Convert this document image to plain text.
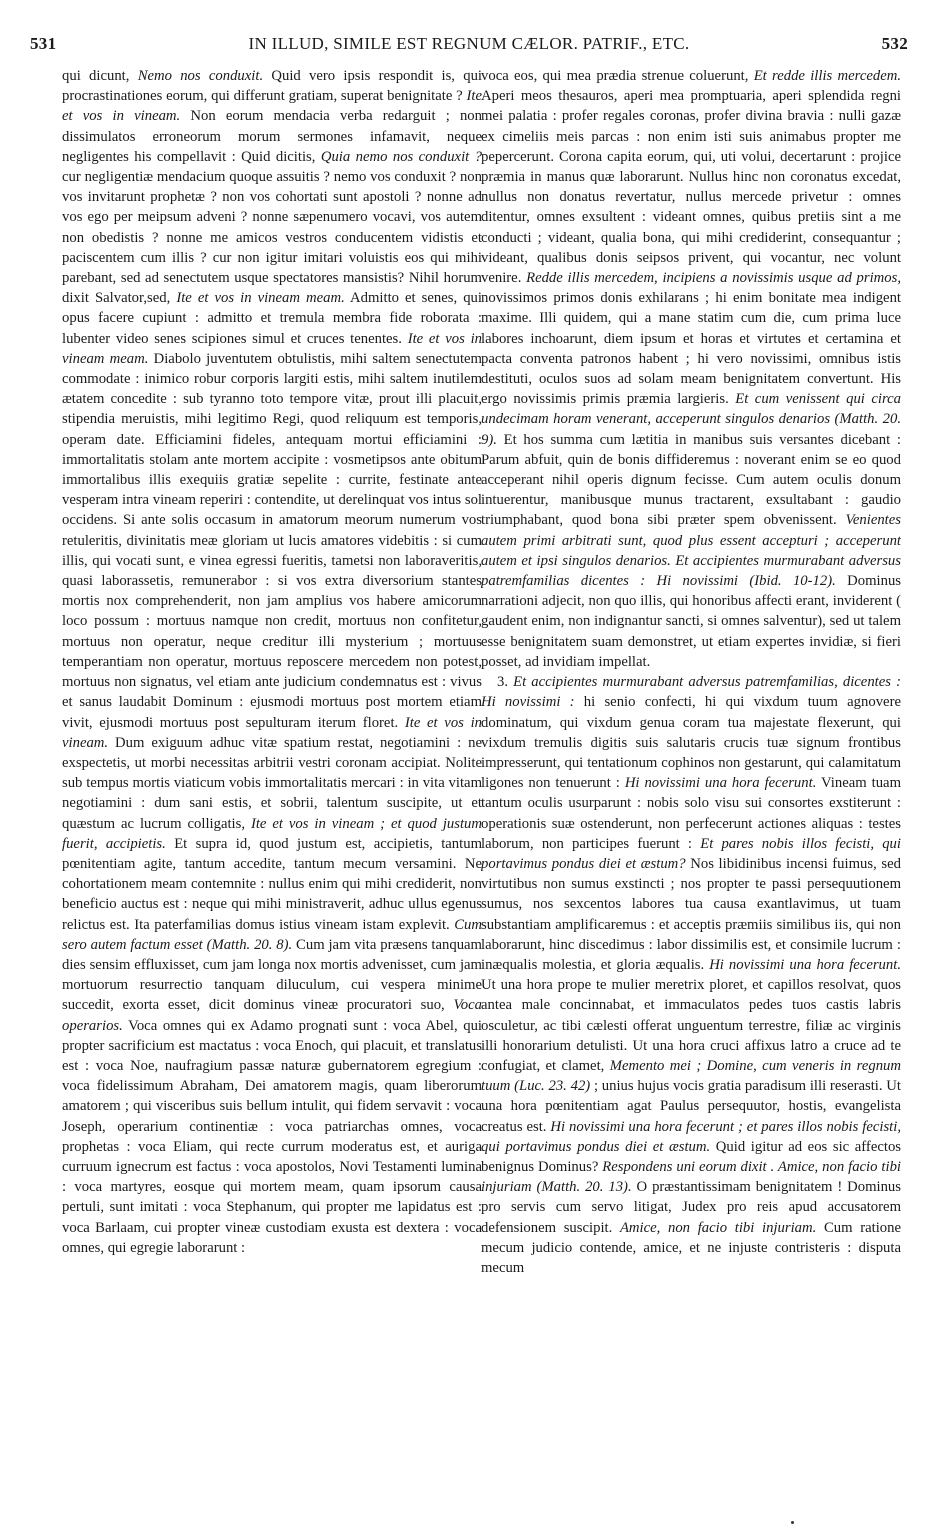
531	IN ILLUD, SIMILE EST REGNUM CÆLOR. PATRIF., ETC.	532

qui dicunt, Nemo nos conduxit. Quid vero ipsis respondit is, qui procrastinationes eorum, qui differunt gratiam, superat benignitate ? Ite et vos in vineam. Non eorum mendacia verba redarguit ; non dissimulatos erroneorum morum sermones infamavit, neque negligentes his compellavit : Quid dicitis, Quia nemo nos conduxit ? cur negligentiæ mendacium quoque assuitis ? nemo vos conduxit ? non vos invitarunt prophetæ ? non vos cohortati sunt apostoli ? nonne ad vos ego per meipsum adveni ? nonne sæpenumero vocavi, vos autem non obedistis ? nonne me amicos vestros conducentem vidistis et paciscentem cum illis ? cur non igitur imitari voluistis eos qui mihi parebant, sed ad senectutem usque spectatores mansistis? Nihil horum dixit Salvator,sed, Ite et vos in vineam meam. Admitto et senes, qui opus facere cupiunt : admitto et tremula membra fide roborata : lubenter video senes scipiones simul et cruces tenentes. Ite et vos in vineam meam. Diabolo juventutem obtulistis, mihi saltem senectutem commodate : inimico robur corporis largiti estis, mihi saltem inutilem ætatem concedite : sub tyranno toto tempore vitæ, prout illi placuit, stipendia meruistis, mihi legitimo Regi, quod reliquum est temporis, operam date. Efficiamini fideles, antequam mortui efficiamini : immortalitatis stolam ante mortem accipite : vosmetipsos ante obitum immortalibus illis exequiis gratiæ sepelite : currite, festinate ante vesperam intra vineam reperiri : contendite, ut derelinquat vos intus sol occidens. Si ante solis occasum in amatorum meorum numerum vos retuleritis, divinitatis meæ gloriam ut lucis amatores videbitis : si cum illis, qui vocati sunt, e vinea egressi fueritis, tametsi non laboraveritis, quasi laborassetis, remunerabor : si vos extra diversorium stantes mortis nox comprehenderit, non jam amplius vos habere amicorum loco possum : mortuus namque non credit, mortuus non confitetur, mortuus non operatur, neque creditur illi mysterium ; mortuus temperantiam non operatur, mortuus reposcere mercedem non potest, mortuus non signatus, vel etiam ante judicium condemnatus est : vivus et sanus laudabit Dominum : ejusmodi mortuus post mortem etiam vivit, ejusmodi mortuus post sepulturam iterum floret. Ite et vos in vineam. Dum exiguum adhuc vitæ spatium restat, negotiamini : ne exspectetis, ut morbi necessitas arbitrii vestri coronam accipiat. Nolite sub tempus mortis viaticum vobis immortalitatis mercari : in vita vitam negotiamini : dum sani estis, et sobrii, talentum suscipite, ut et quæstum ac lucrum colligatis, Ite et vos in vineam ; et quod justum fuerit, accipietis. Et supra id, quod justum est, accipietis, tantum pœnitentiam agite, tantum accedite, tantum mecum versamini. Ne cohortationem meam contemnite : nullus enim qui mihi crediderit, non beneficio auctus est : neque qui mihi ministraverit, adhuc ullus egenus relictus est. Ita paterfamilias domus istius vineam istam explevit. Cum sero autem factum esset (Matth. 20. 8). Cum jam vita præsens tanquam dies sensim effluxisset, cum jam longa nox mortis advenisset, cum jam mortuorum resurrectio tanquam diluculum, cui vespera minime succedit, exorta esset, dicit dominus vineæ procuratori suo, Voca operarios. Voca omnes qui ex Adamo prognati sunt : voca Abel, qui propter sacrificium est mactatus : voca Enoch, qui placuit, et translatus est : voca Noe, naufragium passæ naturæ gubernatorem egregium : voca fidelissimum Abraham, Dei amatorem magis, quam liberorum amatorem ; qui visceribus suis bellum intulit, qui fidem servavit : voca Joseph, operarium continentiæ : voca patriarchas omnes, voca prophetas : voca Eliam, qui recte currum moderatus est, et auriga curruum ignecrum est factus : voca apostolos, Novi Testamenti lumina : voca martyres, eosque qui mortem meam, quam ipsorum causa pertuli, sunt imitati : voca Stephanum, qui propter me lapidatus est : voca Barlaam, cui propter vineæ custodiam exusta est dextera : voca omnes, qui egregie laborarunt :

voca eos, qui mea prædia strenue coluerunt, Et redde illis mercedem. Aperi meos thesauros, aperi mea promptuaria, aperi splendida regni mei palatia : profer regales coronas, profer divina bravia : nulli gazæ ex cimeliis meis parcas : non enim isti suis animabus propter me pepercerunt. Corona capita eorum, qui, uti volui, decertarunt : projice præmia in manus quæ laborarunt. Nullus hinc non coronatus excedat, nullus non donatus revertatur, nullus mercede privetur : omnes ditentur, omnes exsultent : videant omnes, quibus pretiis sint a me conducti ; videant, qualia bona, qui mihi crediderint, consequantur ; videant, qualibus donis seipsos privent, qui vocantur, nec volunt venire. Redde illis mercedem, incipiens a novissimis usque ad primos, novissimos primos donis exhilarans ; hi enim bonitate mea indigent maxime. Illi quidem, qui a mane statim cum die, cum prima luce labores inchoarunt, diem ipsum et horas et virtutes et certamina et pacta conventa patronos habent ; hi vero novissimi, omnibus istis destituti, oculos suos ad solam meam benignitatem convertunt. His ergo novissimis primis præmia largieris. Et cum venissent qui circa undecimam horam venerant, acceperunt singulos denarios (Matth. 20. 9). Et hos summa cum lætitia in manibus suis versantes dicebant : Parum abfuit, quin de bonis diffideremus : noverant enim se eo quod acceperant nihil operis dignum fecisse. Cum autem oculis donum intuerentur, manibusque munus tractarent, exsultabant : gaudio triumphabant, quod bona sibi præter spem obvenissent. Venientes autem primi arbitrati sunt, quod plus essent accepturi ; acceperunt autem et ipsi singulos denarios. Et accipientes murmurabant adversus patremfamilias dicentes : Hi novissimi (Ibid. 10-12). Dominus narrationi adjecit, non quo illis, qui honoribus affecti erant, inviderent ( gaudent enim, non indignantur sancti, si omnes salventur), sed ut talem esse benignitatem suam demonstret, ut etiam expertes invidiæ, si fieri posset, ad invidiam impellat.
3. Et accipientes murmurabant adversus patremfamilias, dicentes : Hi novissimi : hi senio confecti, hi qui vixdum tuum agnovere dominatum, qui vixdum genua coram tua majestate flexerunt, qui vixdum tremulis digitis suis salutaris crucis tuæ signum frontibus impresserunt, qui tentationum cophinos non gestarunt, qui calamitatum ligones non tenuerunt : Hi novissimi una hora fecerunt. Vineam tuam tantum oculis usurparunt : nobis solo visu sui consortes exstiterunt : operationis suæ ostenderunt, non perfecerunt actiones aliquas : testes laborum, non participes fuerunt : Et pares nobis illos fecisti, qui portavimus pondus diei et æstum? Nos libidinibus incensi fuimus, sed virtutibus non sumus exstincti ; nos propter te passi persequutionem sumus, nos sexcentos labores tua causa exantlavimus, ut tuam substantiam amplificaremus : et acceptis præmiis similibus iis, qui non laborarunt, hinc discedimus : labor dissimilis est, et consimile lucrum : inæqualis molestia, et gloria æqualis. Hi novissimi una hora fecerunt. Ut una hora prope te mulier meretrix ploret, et capillos resolvat, quos antea male concinnabat, et immaculatos pedes tuos castis labris osculetur, ac tibi cælesti offerat unguentum terrestre, filiæ ac virginis illi honorarium detulisti. Ut una hora cruci affixus latro a cruce ad te confugiat, et clamet, Memento mei ; Domine, cum veneris in regnum tuum (Luc. 23. 42) ; unius hujus vocis gratia paradisum illi reserasti. Ut una hora pœnitentiam agat Paulus persequutor, hostis, evangelista creatus est. Hi novissimi una hora fecerunt ; et pares illos nobis fecisti, qui portavimus pondus diei et æstum. Quid igitur ad eos sic affectos benignus Dominus? Respondens uni eorum dixit . Amice, non facio tibi injuriam (Matth. 20. 13). O præstantissimam benignitatem ! Dominus pro servis cum servo litigat, Judex pro reis apud accusatorem defensionem suscipit. Amice, non facio tibi injuriam. Cum ratione mecum judicio contende, amice, et ne injuste contristeris : disputa mecum
